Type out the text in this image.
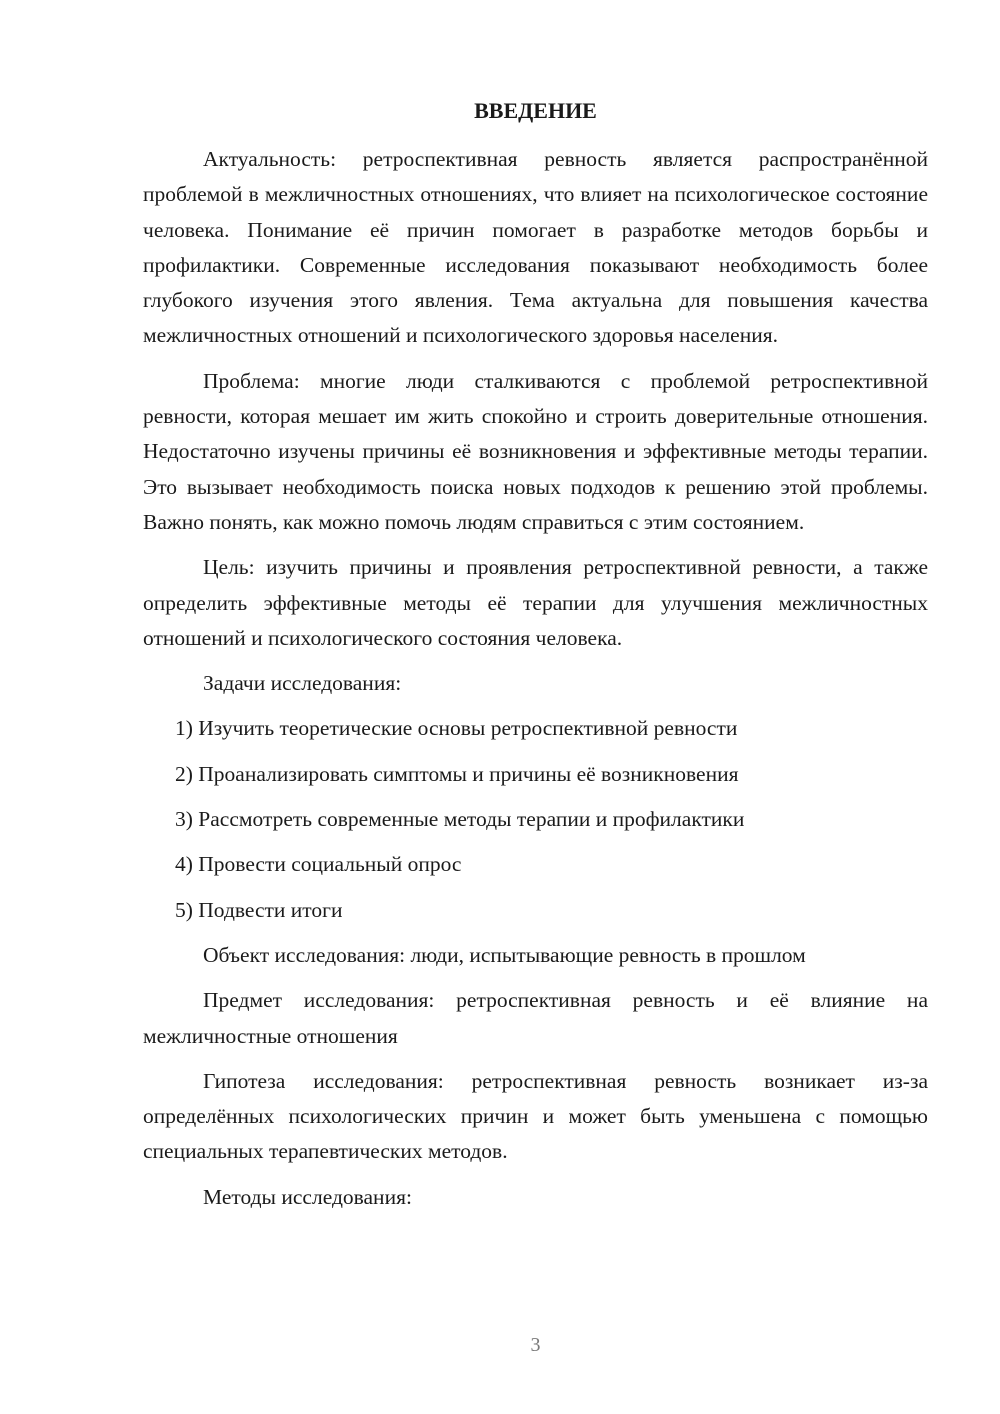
ВВЕДЕНИЕ

Актуальность: ретроспективная ревность является распространённой проблемой в межличностных отношениях, что влияет на психологическое состояние человека. Понимание её причин помогает в разработке методов борьбы и профилактики. Современные исследования показывают необходимость более глубокого изучения этого явления. Тема актуальна для повышения качества межличностных отношений и психологического здоровья населения.

Проблема: многие люди сталкиваются с проблемой ретроспективной ревности, которая мешает им жить спокойно и строить доверительные отношения. Недостаточно изучены причины её возникновения и эффективные методы терапии. Это вызывает необходимость поиска новых подходов к решению этой проблемы. Важно понять, как можно помочь людям справиться с этим состоянием.

Цель: изучить причины и проявления ретроспективной ревности, а также определить эффективные методы её терапии для улучшения межличностных отношений и психологического состояния человека.

Задачи исследования:

1) Изучить теоретические основы ретроспективной ревности
2) Проанализировать симптомы и причины её возникновения
3) Рассмотреть современные методы терапии и профилактики
4) Провести социальный опрос
5) Подвести итоги

Объект исследования: люди, испытывающие ревность в прошлом

Предмет исследования: ретроспективная ревность и её влияние на межличностные отношения

Гипотеза исследования: ретроспективная ревность возникает из-за определённых психологических причин и может быть уменьшена с помощью специальных терапевтических методов.

Методы исследования:

3
